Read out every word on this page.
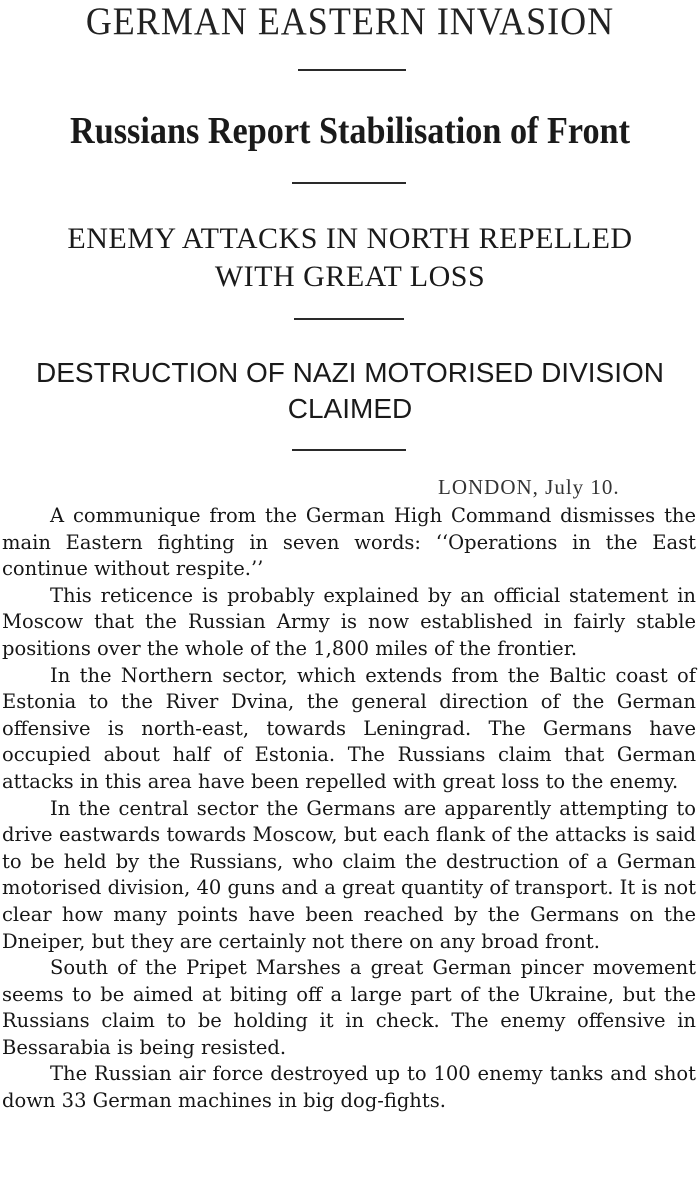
GERMAN EASTERN INVASION
Russians Report Stabilisation of Front
ENEMY ATTACKS IN NORTH REPELLED
WITH GREAT LOSS
DESTRUCTION OF NAZI MOTORISED DIVISION
CLAIMED
LONDON, July 10.

A communique from the German High Command dismisses the main Eastern fighting in seven words: ‘‘Operations in the East continue without respite.’’

This reticence is probably explained by an official statement in Moscow that the Russian Army is now established in fairly stable positions over the whole of the 1,800 miles of the frontier.

In the Northern sector, which extends from the Baltic coast of Estonia to the River Dvina, the general direction of the German offensive is north-east, towards Leningrad. The Germans have occupied about half of Estonia. The Russians claim that German attacks in this area have been repelled with great loss to the enemy.

In the central sector the Germans are apparently attempting to drive eastwards towards Moscow, but each flank of the attacks is said to be held by the Russians, who claim the destruction of a German motorised division, 40 guns and a great quantity of transport. It is not clear how many points have been reached by the Germans on the Dneiper, but they are certainly not there on any broad front.

South of the Pripet Marshes a great German pincer movement seems to be aimed at biting off a large part of the Ukraine, but the Russians claim to be holding it in check. The enemy offensive in Bessarabia is being resisted.

The Russian air force destroyed up to 100 enemy tanks and shot down 33 German machines in big dog-fights.
